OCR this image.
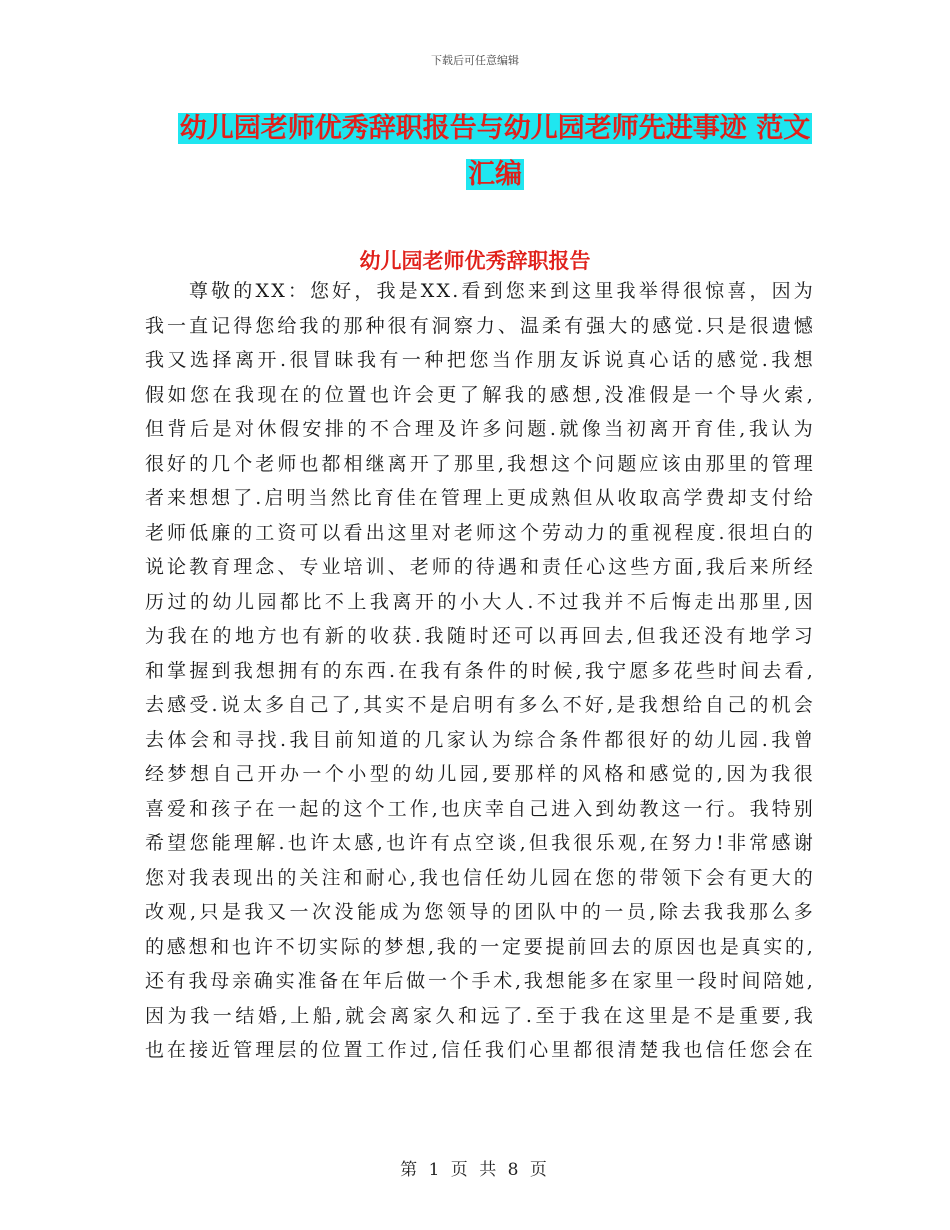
下载后可任意编辑
幼儿园老师优秀辞职报告与幼儿园老师先进事迹 范文
汇编
幼儿园老师优秀辞职报告
尊敬的XX：您好，我是XX.看到您来到这里我举得很惊喜，因为
我一直记得您给我的那种很有洞察力、温柔有强大的感觉.只是很遗憾
我又选择离开.很冒昧我有一种把您当作朋友诉说真心话的感觉.我想
假如您在我现在的位置也许会更了解我的感想,没准假是一个导火索,
但背后是对休假安排的不合理及许多问题.就像当初离开育佳,我认为
很好的几个老师也都相继离开了那里,我想这个问题应该由那里的管理
者来想想了.启明当然比育佳在管理上更成熟但从收取高学费却支付给
老师低廉的工资可以看出这里对老师这个劳动力的重视程度.很坦白的
说论教育理念、专业培训、老师的待遇和责任心这些方面,我后来所经
历过的幼儿园都比不上我离开的小大人.不过我并不后悔走出那里,因
为我在的地方也有新的收获.我随时还可以再回去,但我还没有地学习
和掌握到我想拥有的东西.在我有条件的时候,我宁愿多花些时间去看,
去感受.说太多自己了,其实不是启明有多么不好,是我想给自己的机会
去体会和寻找.我目前知道的几家认为综合条件都很好的幼儿园.我曾
经梦想自己开办一个小型的幼儿园,要那样的风格和感觉的,因为我很
喜爱和孩子在一起的这个工作,也庆幸自己进入到幼教这一行。我特别
希望您能理解.也许太感,也许有点空谈,但我很乐观,在努力!非常感谢
您对我表现出的关注和耐心,我也信任幼儿园在您的带领下会有更大的
改观,只是我又一次没能成为您领导的团队中的一员,除去我我那么多
的感想和也许不切实际的梦想,我的一定要提前回去的原因也是真实的,
还有我母亲确实准备在年后做一个手术,我想能多在家里一段时间陪她,
因为我一结婚,上船,就会离家久和远了.至于我在这里是不是重要,我
也在接近管理层的位置工作过,信任我们心里都很清楚我也信任您会在
第 1 页 共 8 页
